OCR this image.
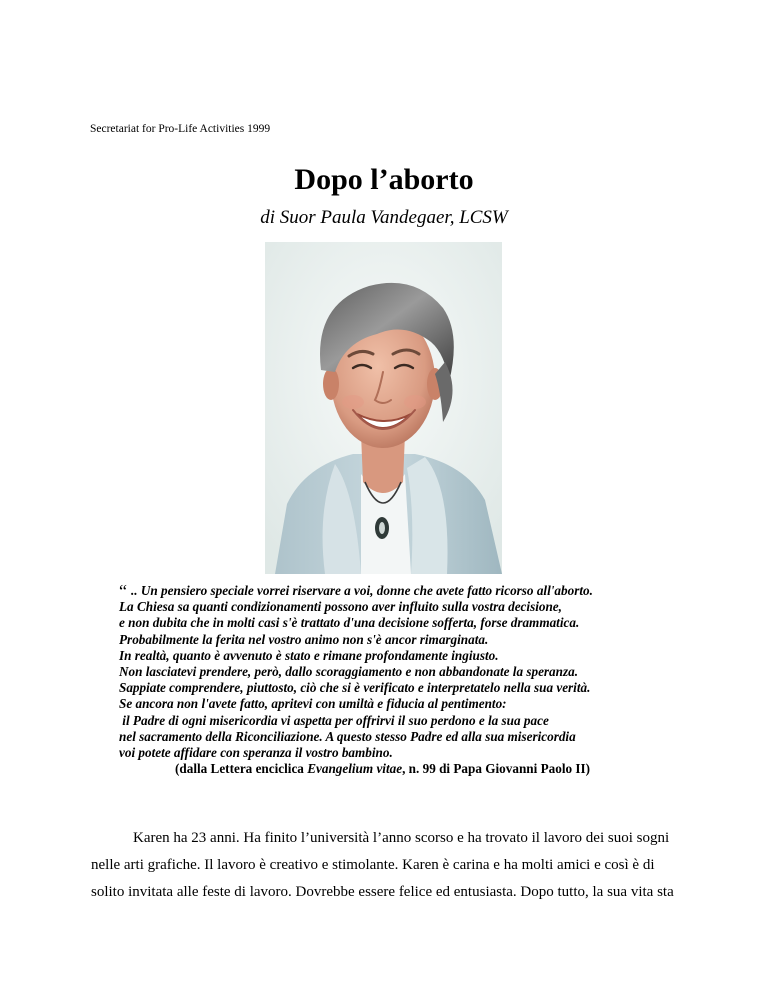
Secretariat for Pro-Life Activities 1999
Dopo l’aborto
di Suor Paula Vandegaer, LCSW
“ .. Un pensiero speciale vorrei riservare a voi, donne che avete fatto ricorso all'aborto.
La Chiesa sa quanti condizionamenti possono aver influito sulla vostra decisione,
e non dubita che in molti casi s'è trattato d'una decisione sofferta, forse drammatica.
Probabilmente la ferita nel vostro animo non s'è ancor rimarginata.
In realtà, quanto è avvenuto è stato e rimane profondamente ingiusto.
Non lasciatevi prendere, però, dallo scoraggiamento e non abbandonate la speranza.
Sappiate comprendere, piuttosto, ciò che si è verificato e interpretatelo nella sua verità.
Se ancora non l'avete fatto, apritevi con umiltà e fiducia al pentimento:
il Padre di ogni misericordia vi aspetta per offrirvi il suo perdono e la sua pace
nel sacramento della Riconciliazione. A questo stesso Padre ed alla sua misericordia
voi potete affidare con speranza il vostro bambino.
(dalla Lettera enciclica Evangelium vitae, n. 99 di Papa Giovanni Paolo II)
Karen ha 23 anni. Ha finito l’università l’anno scorso e ha trovato il lavoro dei suoi sogni
nelle arti grafiche. Il lavoro è creativo e stimolante. Karen è carina e ha molti amici e così è di
solito invitata alle feste di lavoro. Dovrebbe essere felice ed entusiasta. Dopo tutto, la sua vita sta
